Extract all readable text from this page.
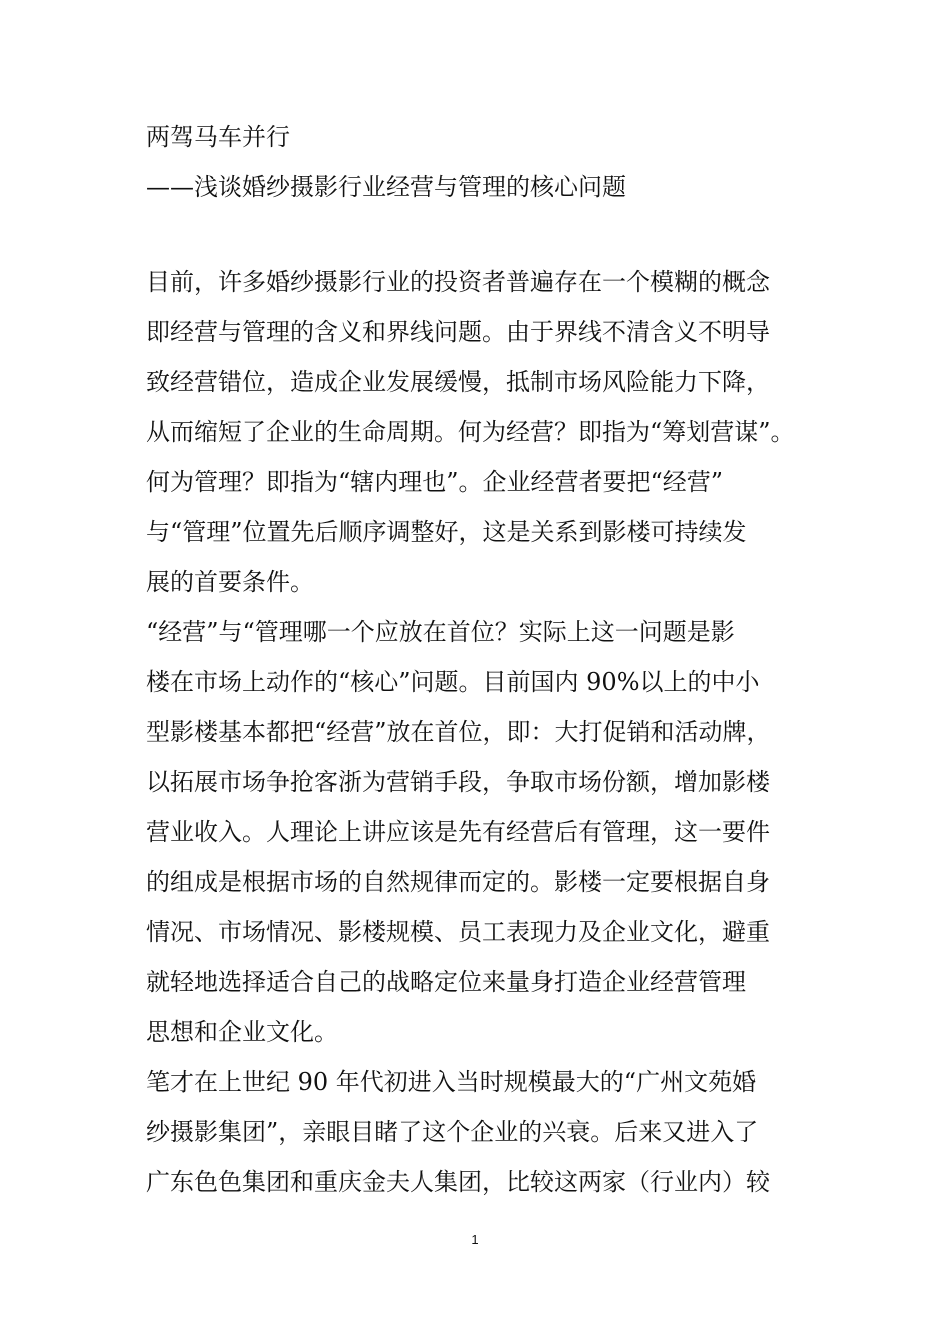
两驾马车并行
——浅谈婚纱摄影行业经营与管理的核心问题
目前，许多婚纱摄影行业的投资者普遍存在一个模糊的概念
即经营与管理的含义和界线问题。由于界线不清含义不明导
致经营错位，造成企业发展缓慢，抵制市场风险能力下降，
从而缩短了企业的生命周期。何为经营？即指为“筹划营谋”。
何为管理？即指为“辖内理也”。企业经营者要把“经营”
与“管理”位置先后顺序调整好，这是关系到影楼可持续发
展的首要条件。
“经营”与“管理哪一个应放在首位？实际上这一问题是影
楼在市场上动作的“核心”问题。目前国内 90%以上的中小
型影楼基本都把“经营”放在首位，即：大打促销和活动牌，
以拓展市场争抢客浙为营销手段，争取市场份额，增加影楼
营业收入。人理论上讲应该是先有经营后有管理，这一要件
的组成是根据市场的自然规律而定的。影楼一定要根据自身
情况、市场情况、影楼规模、员工表现力及企业文化，避重
就轻地选择适合自己的战略定位来量身打造企业经营管理
思想和企业文化。
笔才在上世纪 90 年代初进入当时规模最大的“广州文苑婚
纱摄影集团”，亲眼目睹了这个企业的兴衰。后来又进入了
广东色色集团和重庆金夫人集团，比较这两家（行业内）较
1
